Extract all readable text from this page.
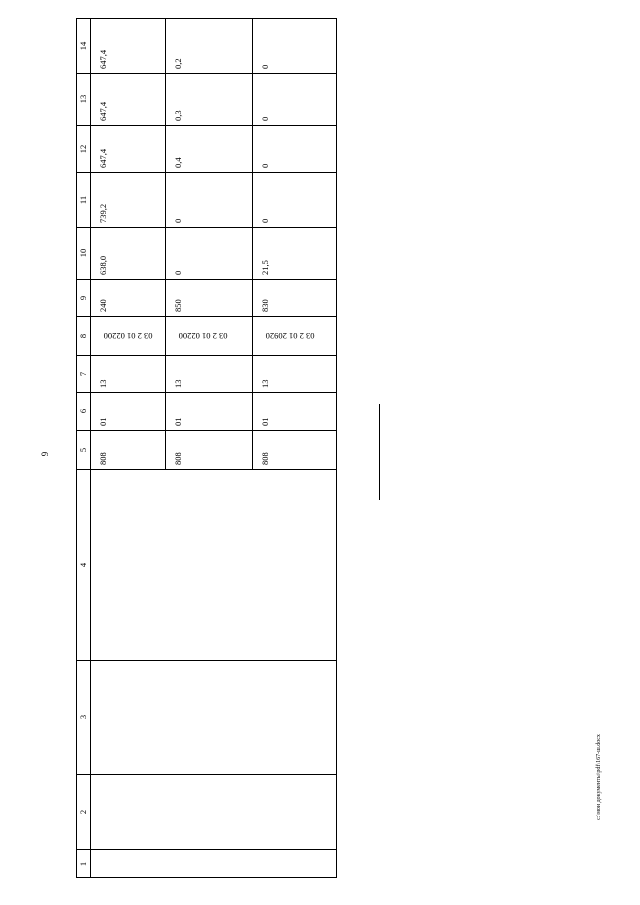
9
1
2
3
4
5
6
7
8
9
10
11
12
13
14
808
01
13
03 2 01 02200
240
638,0
739,2
647,4
647,4
647,4
808
01
13
03 2 01 02200
850
0
0
0,4
0,3
0,2
808
01
13
03 2 01 20920
830
21,5
0
0
0
0
c:\мои документы\pdf\167-ш.docx
